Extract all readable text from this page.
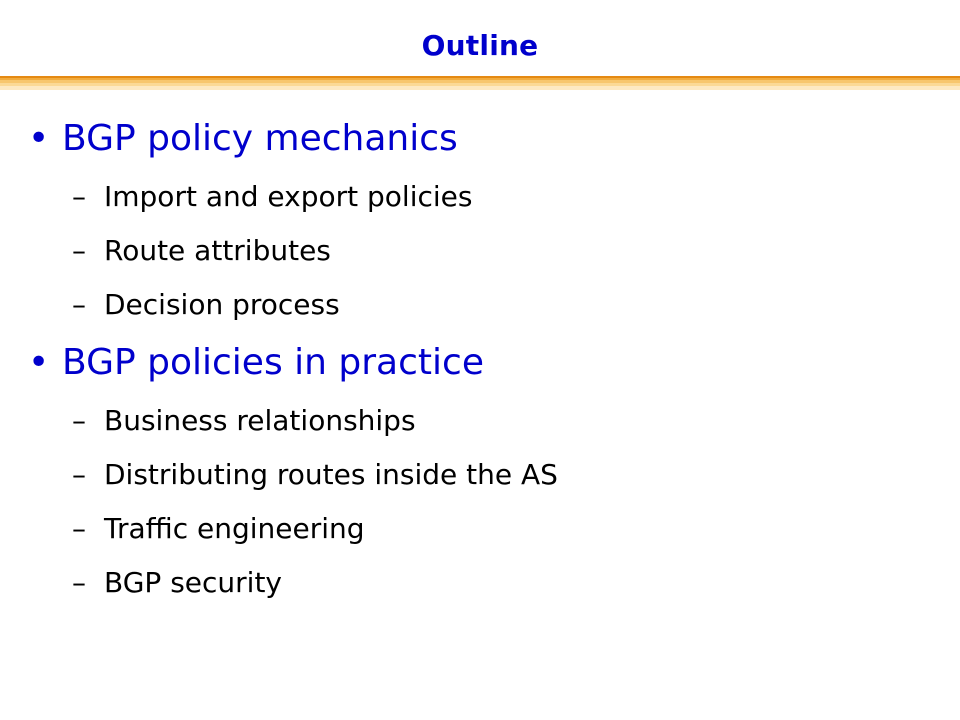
Outline
• BGP policy mechanics
– Import and export policies
– Route attributes
– Decision process
• BGP policies in practice
– Business relationships
– Distributing routes inside the AS
– Traffic engineering
– BGP security
